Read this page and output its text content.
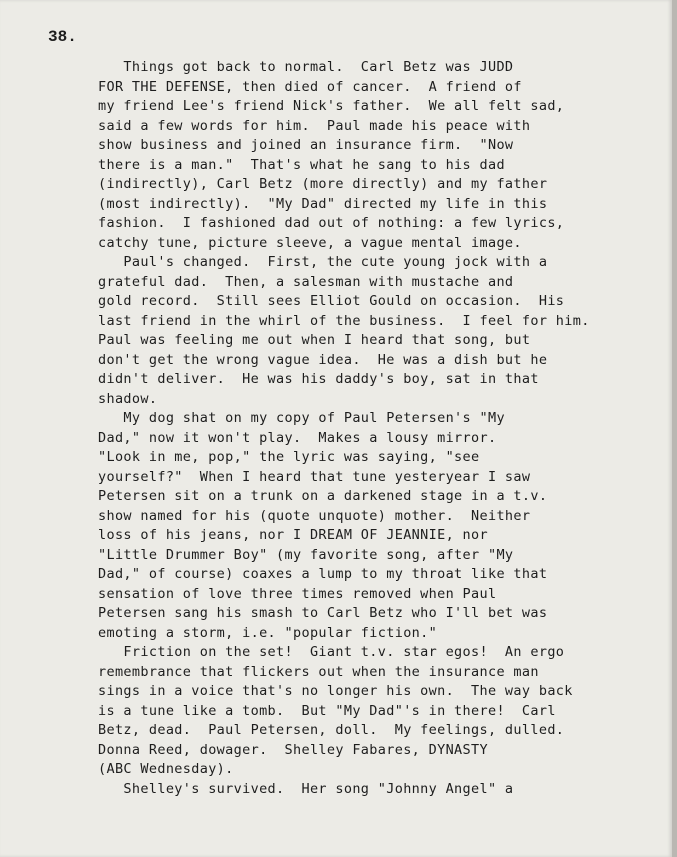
38.
Things got back to normal.  Carl Betz was JUDD
FOR THE DEFENSE, then died of cancer.  A friend of
my friend Lee's friend Nick's father.  We all felt sad,
said a few words for him.  Paul made his peace with
show business and joined an insurance firm.  "Now
there is a man."  That's what he sang to his dad
(indirectly), Carl Betz (more directly) and my father
(most indirectly).  "My Dad" directed my life in this
fashion.  I fashioned dad out of nothing: a few lyrics,
catchy tune, picture sleeve, a vague mental image.
Paul's changed.  First, the cute young jock with a
grateful dad.  Then, a salesman with mustache and
gold record.  Still sees Elliot Gould on occasion.  His
last friend in the whirl of the business.  I feel for him.
Paul was feeling me out when I heard that song, but
don't get the wrong vague idea.  He was a dish but he
didn't deliver.  He was his daddy's boy, sat in that
shadow.
My dog shat on my copy of Paul Petersen's "My
Dad," now it won't play.  Makes a lousy mirror.
"Look in me, pop," the lyric was saying, "see
yourself?"  When I heard that tune yesteryear I saw
Petersen sit on a trunk on a darkened stage in a t.v.
show named for his (quote unquote) mother.  Neither
loss of his jeans, nor I DREAM OF JEANNIE, nor
"Little Drummer Boy" (my favorite song, after "My
Dad," of course) coaxes a lump to my throat like that
sensation of love three times removed when Paul
Petersen sang his smash to Carl Betz who I'll bet was
emoting a storm, i.e. "popular fiction."
Friction on the set!  Giant t.v. star egos!  An ergo
remembrance that flickers out when the insurance man
sings in a voice that's no longer his own.  The way back
is a tune like a tomb.  But "My Dad"'s in there!  Carl
Betz, dead.  Paul Petersen, doll.  My feelings, dulled.
Donna Reed, dowager.  Shelley Fabares, DYNASTY
(ABC Wednesday).
Shelley's survived.  Her song "Johnny Angel" a
